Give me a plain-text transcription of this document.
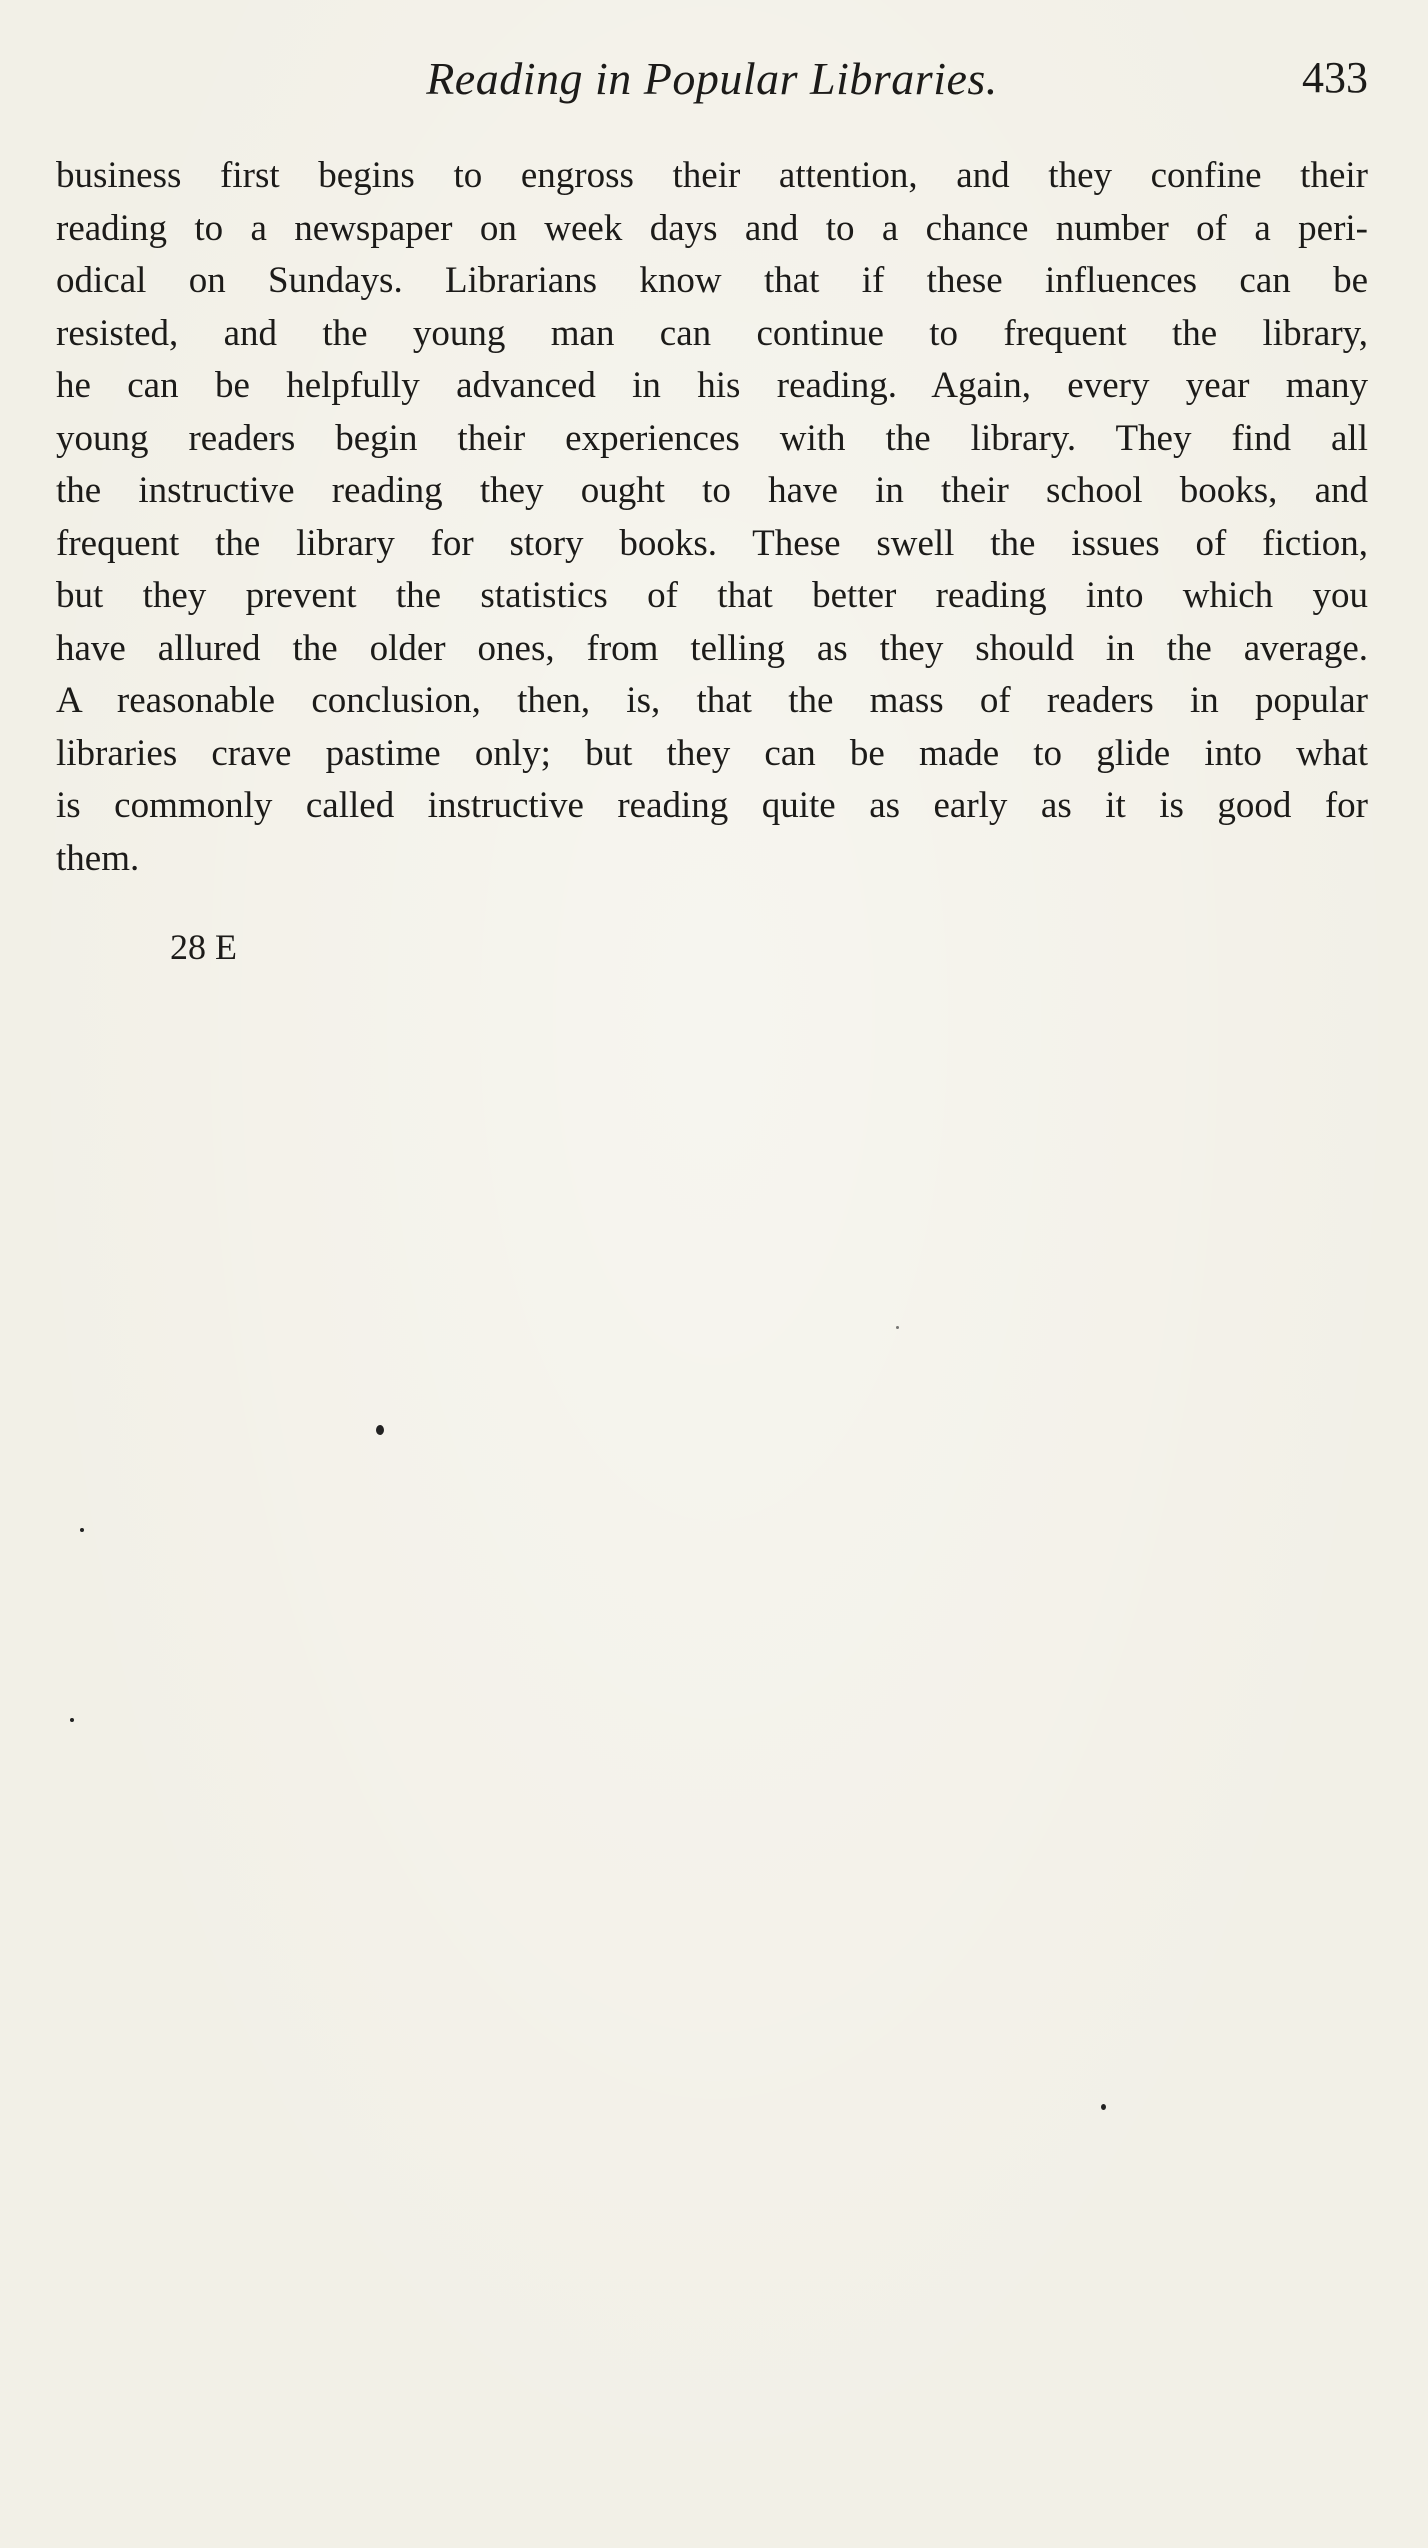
Reading in Popular Libraries.	433
business first begins to engross their attention, and they confine their
reading to a newspaper on week days and to a chance number of a peri-
odical on Sundays. Librarians know that if these influences can be
resisted, and the young man can continue to frequent the library,
he can be helpfully advanced in his reading. Again, every year many
young readers begin their experiences with the library. They find all
the instructive reading they ought to have in their school books, and
frequent the library for story books. These swell the issues of fiction,
but they prevent the statistics of that better reading into which you
have allured the older ones, from telling as they should in the average.
A reasonable conclusion, then, is, that the mass of readers in popular
libraries crave pastime only; but they can be made to glide into what
is commonly called instructive reading quite as early as it is good for
them.
28 E
